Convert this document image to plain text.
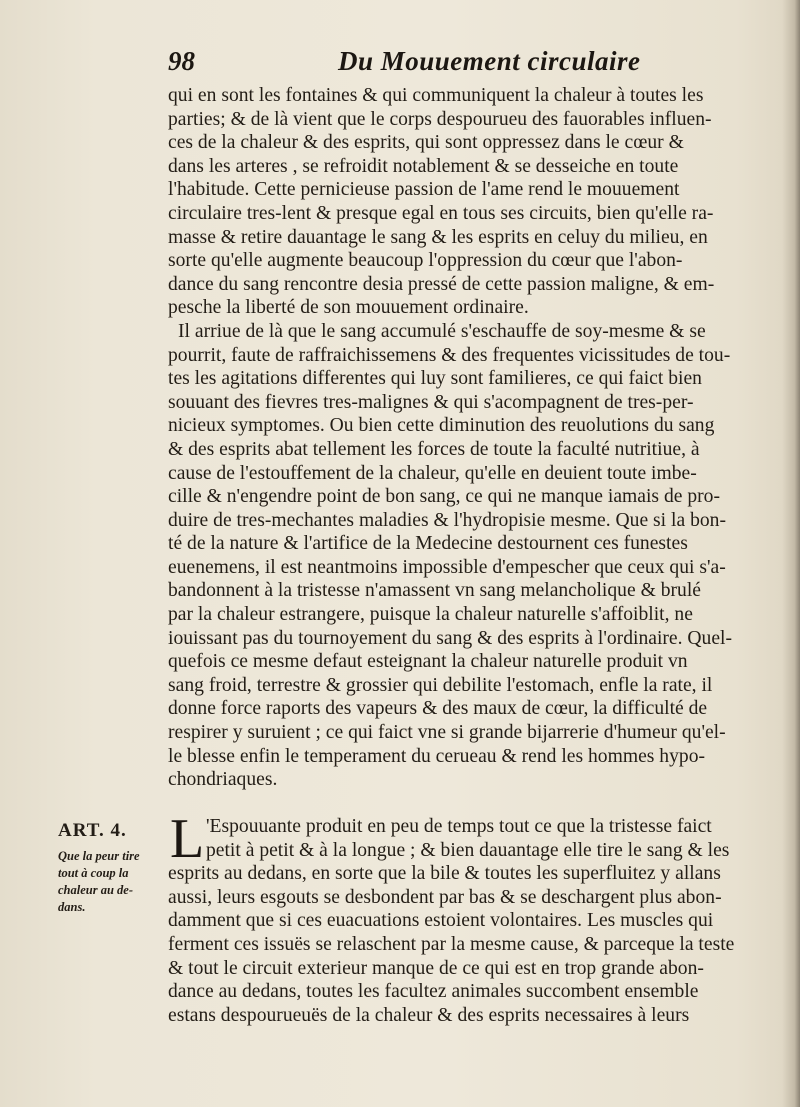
98	Du Mouuement circulaire
qui en sont les fontaines & qui communiquent la chaleur à toutes les
parties; & de là vient que le corps despourueu des fauorables influen-
ces de la chaleur & des esprits, qui sont oppressez dans le cœur &
dans les arteres , se refroidit notablement & se desseiche en toute
l'habitude. Cette pernicieuse passion de l'ame rend le mouuement
circulaire tres-lent & presque egal en tous ses circuits, bien qu'elle ra-
masse & retire dauantage le sang & les esprits en celuy du milieu, en
sorte qu'elle augmente beaucoup l'oppression du cœur que l'abon-
dance du sang rencontre desia pressé de cette passion maligne, & em-
pesche la liberté de son mouuement ordinaire.
Il arriue de là que le sang accumulé s'eschauffe de soy-mesme & se
pourrit, faute de raffraichissemens & des frequentes vicissitudes de tou-
tes les agitations differentes qui luy sont familieres, ce qui faict bien
souuant des fievres tres-malignes & qui s'acompagnent de tres-per-
nicieux symptomes. Ou bien cette diminution des reuolutions du sang
& des esprits abat tellement les forces de toute la faculté nutritiue, à
cause de l'estouffement de la chaleur, qu'elle en deuient toute imbe-
cille & n'engendre point de bon sang, ce qui ne manque iamais de pro-
duire de tres-mechantes maladies & l'hydropisie mesme. Que si la bon-
té de la nature & l'artifice de la Medecine destournent ces funestes
euenemens, il est neantmoins impossible d'empescher que ceux qui s'a-
bandonnent à la tristesse n'amassent vn sang melancholique & brulé
par la chaleur estrangere, puisque la chaleur naturelle s'affoiblit, ne
iouissant pas du tournoyement du sang & des esprits à l'ordinaire. Quel-
quefois ce mesme defaut esteignant la chaleur naturelle produit vn
sang froid, terrestre & grossier qui debilite l'estomach, enfle la rate, il
donne force raports des vapeurs & des maux de cœur, la difficulté de
respirer y suruient ; ce qui faict vne si grande bijarrerie d'humeur qu'el-
le blesse enfin le temperament du cerueau & rend les hommes hypo-
chondriaques.
ART. 4.
Que la peur tire
tout à coup la
chaleur au de-
dans.
L 'Espouuante produit en peu de temps tout ce que la tristesse faict
petit à petit & à la longue ; & bien dauantage elle tire le sang & les
esprits au dedans, en sorte que la bile & toutes les superfluitez y allans
aussi, leurs esgouts se desbondent par bas & se deschargent plus abon-
damment que si ces euacuations estoient volontaires. Les muscles qui
ferment ces issuës se relaschent par la mesme cause, & parceque la teste
& tout le circuit exterieur manque de ce qui est en trop grande abon-
dance au dedans, toutes les facultez animales succombent ensemble
estans despourueuës de la chaleur & des esprits necessaires à leurs
